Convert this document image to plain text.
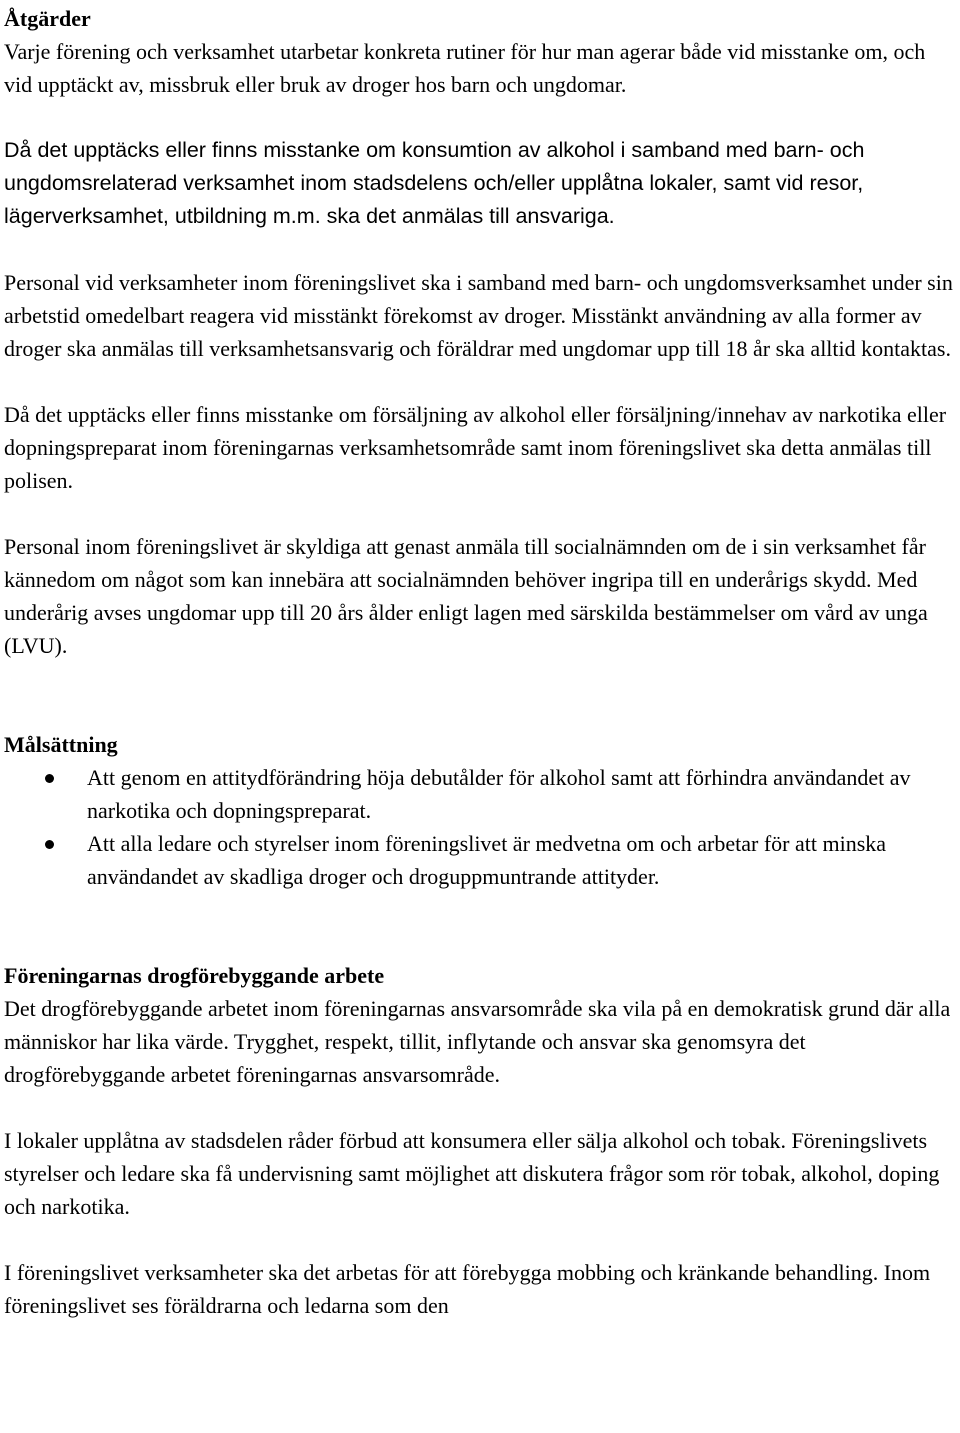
Åtgärder

Varje förening och verksamhet utarbetar konkreta rutiner för hur man agerar både vid misstanke om, och vid upptäckt av, missbruk eller bruk av droger hos barn och ungdomar.

Då det upptäcks eller finns misstanke om konsumtion av alkohol i samband med barn- och ungdomsrelaterad verksamhet inom stadsdelens och/eller upplåtna lokaler, samt vid resor, lägerverksamhet, utbildning m.m. ska det anmälas till ansvariga.

Personal vid verksamheter inom föreningslivet ska i samband med barn- och ungdomsverksamhet under sin arbetstid omedelbart reagera vid misstänkt förekomst av droger. Misstänkt användning av alla former av droger ska anmälas till verksamhetsansvarig och föräldrar med ungdomar upp till 18 år ska alltid kontaktas.

Då det upptäcks eller finns misstanke om försäljning av alkohol eller försäljning/innehav av narkotika eller dopningspreparat inom föreningarnas verksamhetsområde samt inom föreningslivet ska detta anmälas till polisen.

Personal inom föreningslivet är skyldiga att genast anmäla till socialnämnden om de i sin verksamhet får kännedom om något som kan innebära att socialnämnden behöver ingripa till en underårigs skydd. Med underårig avses ungdomar upp till 20 års ålder enligt lagen med särskilda bestämmelser om vård av unga (LVU).

Målsättning

Att genom en attitydförändring höja debutålder för alkohol samt att förhindra användandet av narkotika och dopningspreparat.
Att alla ledare och styrelser inom föreningslivet är medvetna om och arbetar för att minska användandet av skadliga droger och droguppmuntrande attityder.

Föreningarnas drogförebyggande arbete

Det drogförebyggande arbetet inom föreningarnas ansvarsområde ska vila på en demokratisk grund där alla människor har lika värde. Trygghet, respekt, tillit, inflytande och ansvar ska genomsyra det drogförebyggande arbetet föreningarnas ansvarsområde.

I lokaler upplåtna av stadsdelen råder förbud att konsumera eller sälja alkohol och tobak. Föreningslivets styrelser och ledare ska få undervisning samt möjlighet att diskutera frågor som rör tobak, alkohol, doping och narkotika.

I föreningslivet verksamheter ska det arbetas för att förebygga mobbing och kränkande behandling. Inom föreningslivet ses föräldrarna och ledarna som den
